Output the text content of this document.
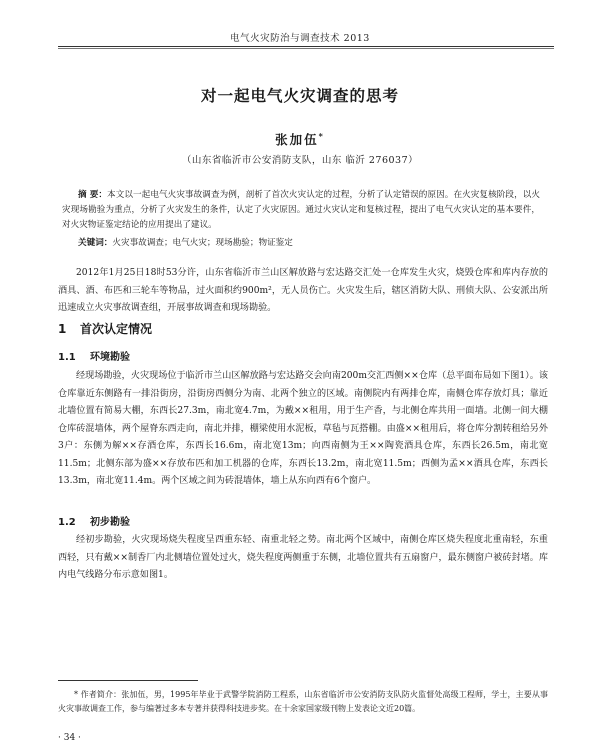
电气火灾防治与调查技术 2013
对一起电气火灾调查的思考
张加伍*
（山东省临沂市公安消防支队，山东 临沂 276037）
摘 要：本文以一起电气火灾事故调查为例，剖析了首次火灾认定的过程，分析了认定错误的原因。在火灾复核阶段，以火灾现场勘验为重点，分析了火灾发生的条件，认定了火灾原因。通过火灾认定和复核过程，提出了电气火灾认定的基本要件，对火灾物证鉴定结论的应用提出了建议。
关键词：火灾事故调查；电气火灾；现场勘验；物证鉴定

2012年1月25日18时53分许，山东省临沂市兰山区解放路与宏达路交汇处一仓库发生火灾，烧毁仓库和库内存放的酒具、酒、布匹和三轮车等物品，过火面积约900m²，无人员伤亡。火灾发生后，辖区消防大队、刑侦大队、公安派出所迅速成立火灾事故调查组，开展事故调查和现场勘验。

1 首次认定情况
1.1 环境勘验

经现场勘验，火灾现场位于临沂市兰山区解放路与宏达路交会向南200m交汇西侧××仓库（总平面布局如下图1）。该仓库靠近东侧路有一排沿街房，沿街房西侧分为南、北两个独立的区域。南侧院内有两排仓库，南侧仓库存放灯具；靠近北墙位置有简易大棚，东西长27.3m，南北宽4.7m，为戴××租用，用于生产香，与北侧仓库共用一面墙。北侧一间大棚仓库砖混墙体，两个屋脊东西走向，南北并排，棚梁使用水泥板，草毡与瓦搭棚。由盛××租用后，将仓库分割转租给另外3户：东侧为解××存酒仓库，东西长16.6m，南北宽13m；向西南侧为王××陶瓷酒具仓库，东西长26.5m，南北宽11.5m；北侧东部为盛××存放布匹和加工机器的仓库，东西长13.2m，南北宽11.5m；西侧为孟××酒具仓库，东西长13.3m，南北宽11.4m。两个区域之间为砖混墙体，墙上从东向西有6个窗户。

1.2 初步勘验

经初步勘验，火灾现场烧失程度呈西重东轻、南重北轻之势。南北两个区域中，南侧仓库区烧失程度北重南轻，东重西轻，只有戴××制香厂内北侧墙位置处过火，烧失程度两侧重于东侧，北墙位置共有五扇窗户，最东侧窗户被砖封堵。库内电气线路分布示意如图1。

* 作者简介：张加伍，男，1995年毕业于武警学院消防工程系，山东省临沂市公安消防支队防火监督处高级工程师，学士，主要从事火灾事故调查工作，参与编著过多本专著并获得科技进步奖。在十余家国家级刊物上发表论文近20篇。
· 34 ·
